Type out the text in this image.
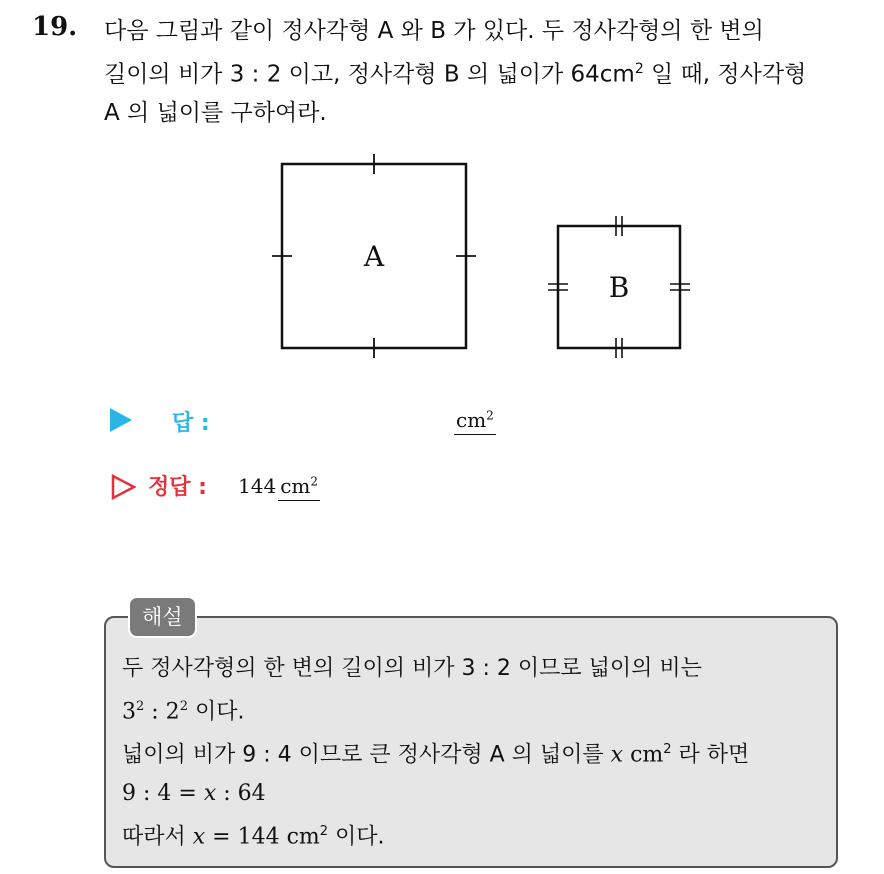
19. 다음 그림과 같이 정사각형 A 와 B 가 있다. 두 정사각형의 한 변의
길이의 비가 3 : 2 이고, 정사각형 B 의 넓이가 $64cm^2$ 일 때, 정사각형
A 의 넓이를 구하여라.
A
B
답 :	$cm^2$
정답 : 144 $cm^2$
해설
두 정사각형의 한 변의 길이의 비가 3 : 2 이므로 넓이의 비는
$3^2$ : $2^2$ 이다.
넓이의 비가 9 : 4 이므로 큰 정사각형 A 의 넓이를 x $cm^2$ 라 하면
9 : 4 = x : 64
따라서 x = 144 $cm^2$ 이다.
